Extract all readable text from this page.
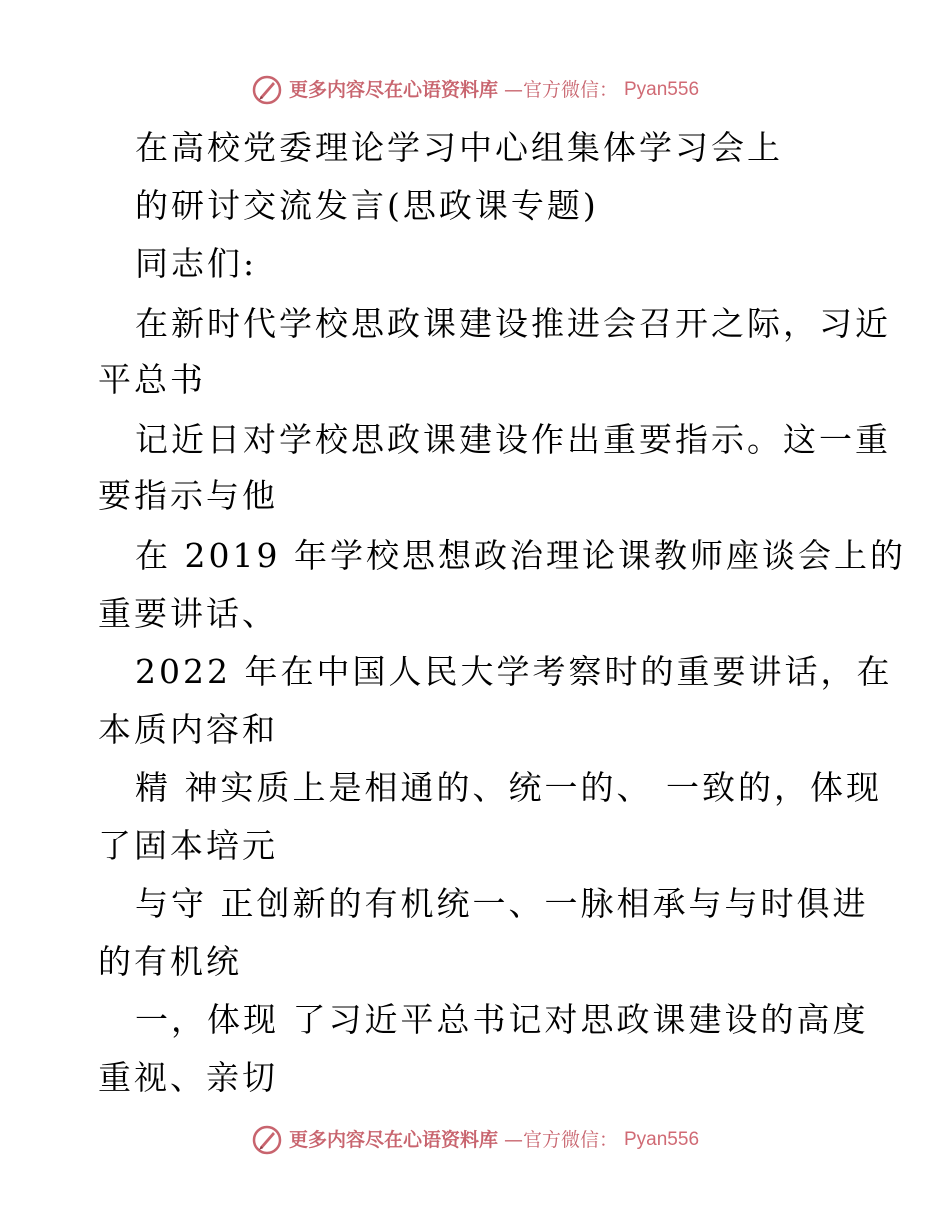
更多内容尽在心语资料库 —官方微信： Pyan556
在高校党委理论学习中心组集体学习会上
的研讨交流发言(思政课专题)
同志们:
在新时代学校思政课建设推进会召开之际，习近
平总书
记近日对学校思政课建设作出重要指示。这一重
要指示与他
在 2019 年学校思想政治理论课教师座谈会上的
重要讲话、
2022 年在中国人民大学考察时的重要讲话，在
本质内容和
精 神实质上是相通的、统一的、 一致的，体现
了固本培元
与守 正创新的有机统一、一脉相承与与时俱进
的有机统
一，体现 了习近平总书记对思政课建设的高度
重视、亲切
更多内容尽在心语资料库 —官方微信： Pyan556
